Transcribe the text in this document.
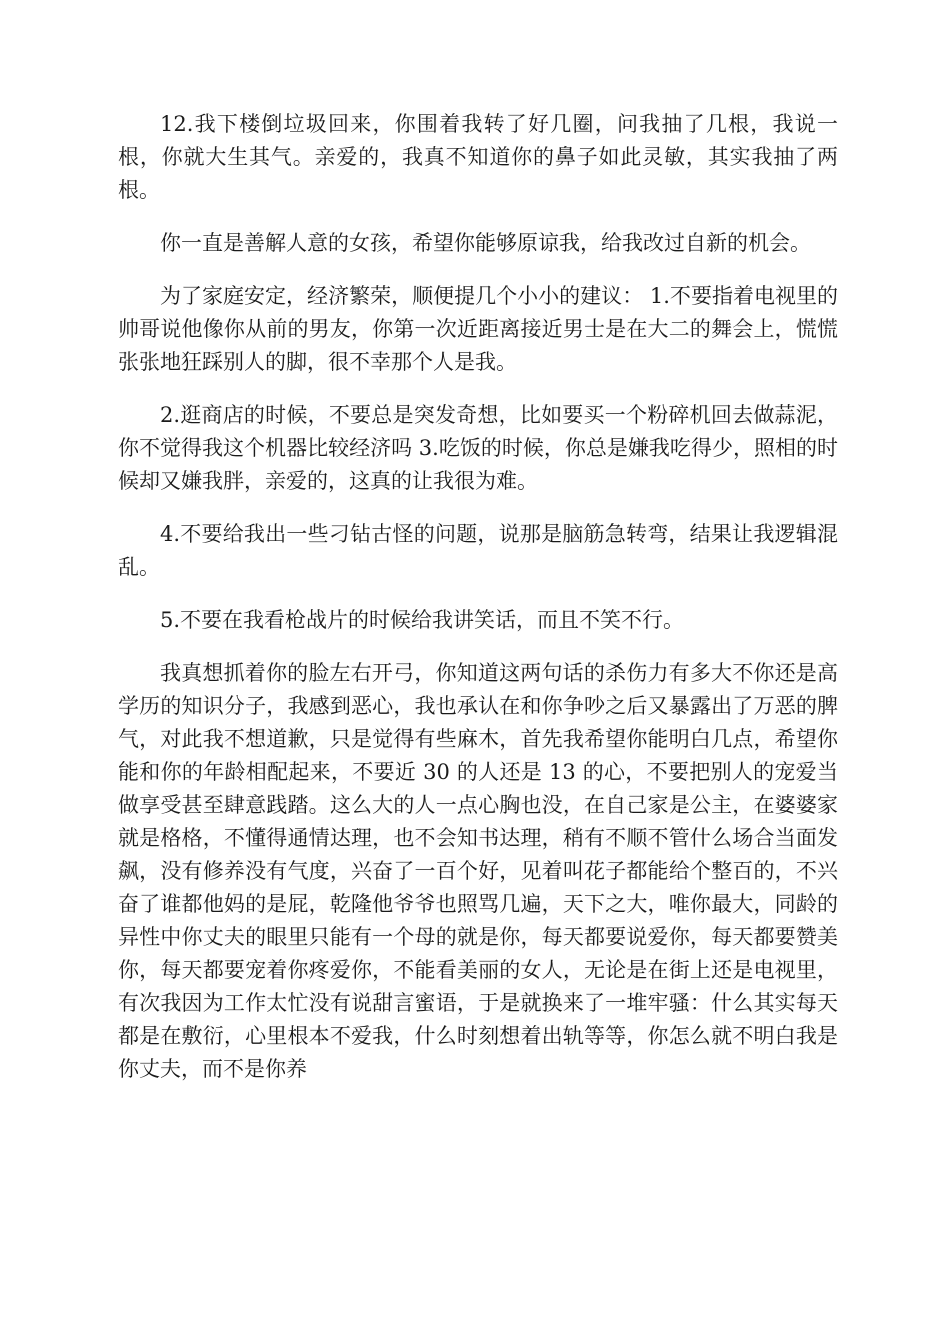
12.我下楼倒垃圾回来，你围着我转了好几圈，问我抽了几根，我说一根，你就大生其气。亲爱的，我真不知道你的鼻子如此灵敏，其实我抽了两根。

你一直是善解人意的女孩，希望你能够原谅我，给我改过自新的机会。

为了家庭安定，经济繁荣，顺便提几个小小的建议： 1.不要指着电视里的帅哥说他像你从前的男友，你第一次近距离接近男士是在大二的舞会上，慌慌张张地狂踩别人的脚，很不幸那个人是我。

2.逛商店的时候，不要总是突发奇想，比如要买一个粉碎机回去做蒜泥，你不觉得我这个机器比较经济吗 3.吃饭的时候，你总是嫌我吃得少，照相的时候却又嫌我胖，亲爱的，这真的让我很为难。

4.不要给我出一些刁钻古怪的问题，说那是脑筋急转弯，结果让我逻辑混乱。

5.不要在我看枪战片的时候给我讲笑话，而且不笑不行。

我真想抓着你的脸左右开弓，你知道这两句话的杀伤力有多大不你还是高学历的知识分子，我感到恶心，我也承认在和你争吵之后又暴露出了万恶的脾气，对此我不想道歉，只是觉得有些麻木，首先我希望你能明白几点，希望你能和你的年龄相配起来，不要近 30 的人还是 13 的心，不要把别人的宠爱当做享受甚至肆意践踏。这么大的人一点心胸也没，在自己家是公主，在婆婆家就是格格，不懂得通情达理，也不会知书达理，稍有不顺不管什么场合当面发飙，没有修养没有气度，兴奋了一百个好，见着叫花子都能给个整百的，不兴奋了谁都他妈的是屁，乾隆他爷爷也照骂几遍，天下之大，唯你最大，同龄的异性中你丈夫的眼里只能有一个母的就是你，每天都要说爱你，每天都要赞美你，每天都要宠着你疼爱你，不能看美丽的女人，无论是在街上还是电视里，有次我因为工作太忙没有说甜言蜜语，于是就换来了一堆牢骚：什么其实每天都是在敷衍，心里根本不爱我，什么时刻想着出轨等等，你怎么就不明白我是你丈夫，而不是你养
